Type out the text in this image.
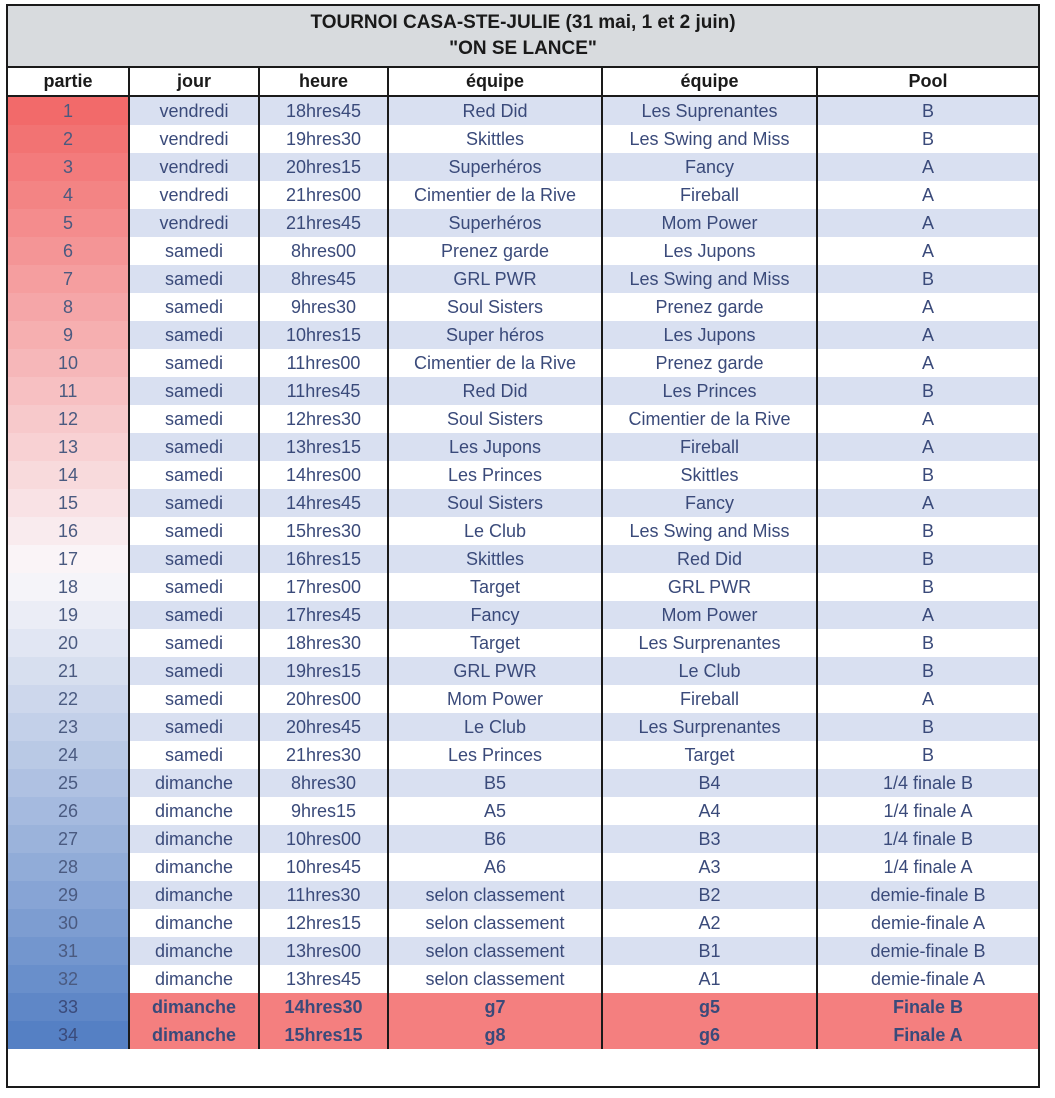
TOURNOI CASA-STE-JULIE (31 mai, 1 et 2 juin)
"ON SE LANCE"
partie	jour	heure	équipe	équipe	Pool
1	vendredi	18hres45	Red Did	Les Suprenantes	B
2	vendredi	19hres30	Skittles	Les Swing and Miss	B
3	vendredi	20hres15	Superhéros	Fancy	A
4	vendredi	21hres00	Cimentier de la Rive	Fireball	A
5	vendredi	21hres45	Superhéros	Mom Power	A
6	samedi	8hres00	Prenez garde	Les Jupons	A
7	samedi	8hres45	GRL PWR	Les Swing and Miss	B
8	samedi	9hres30	Soul Sisters	Prenez garde	A
9	samedi	10hres15	Super héros	Les Jupons	A
10	samedi	11hres00	Cimentier de la Rive	Prenez garde	A
11	samedi	11hres45	Red Did	Les Princes	B
12	samedi	12hres30	Soul Sisters	Cimentier de la Rive	A
13	samedi	13hres15	Les Jupons	Fireball	A
14	samedi	14hres00	Les Princes	Skittles	B
15	samedi	14hres45	Soul Sisters	Fancy	A
16	samedi	15hres30	Le Club	Les Swing and Miss	B
17	samedi	16hres15	Skittles	Red Did	B
18	samedi	17hres00	Target	GRL PWR	B
19	samedi	17hres45	Fancy	Mom Power	A
20	samedi	18hres30	Target	Les Surprenantes	B
21	samedi	19hres15	GRL PWR	Le Club	B
22	samedi	20hres00	Mom Power	Fireball	A
23	samedi	20hres45	Le Club	Les Surprenantes	B
24	samedi	21hres30	Les Princes	Target	B
25	dimanche	8hres30	B5	B4	1/4 finale B
26	dimanche	9hres15	A5	A4	1/4 finale A
27	dimanche	10hres00	B6	B3	1/4 finale B
28	dimanche	10hres45	A6	A3	1/4 finale A
29	dimanche	11hres30	selon classement	B2	demie-finale B
30	dimanche	12hres15	selon classement	A2	demie-finale A
31	dimanche	13hres00	selon classement	B1	demie-finale B
32	dimanche	13hres45	selon classement	A1	demie-finale A
33	dimanche	14hres30	g7	g5	Finale B
34	dimanche	15hres15	g8	g6	Finale A
